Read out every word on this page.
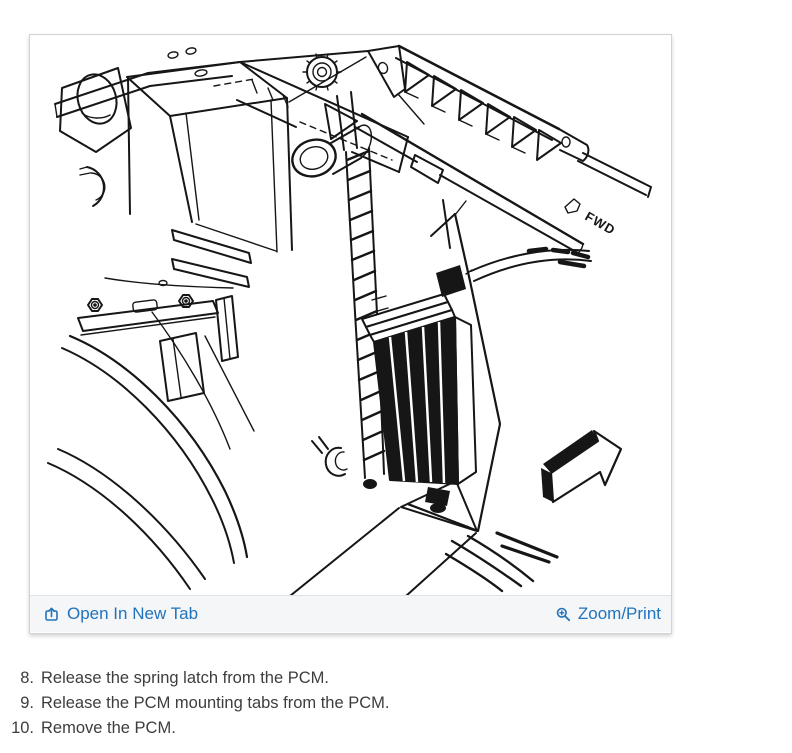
FWD
Open In New Tab	Zoom/Print
8. Release the spring latch from the PCM.
9. Release the PCM mounting tabs from the PCM.
10. Remove the PCM.
